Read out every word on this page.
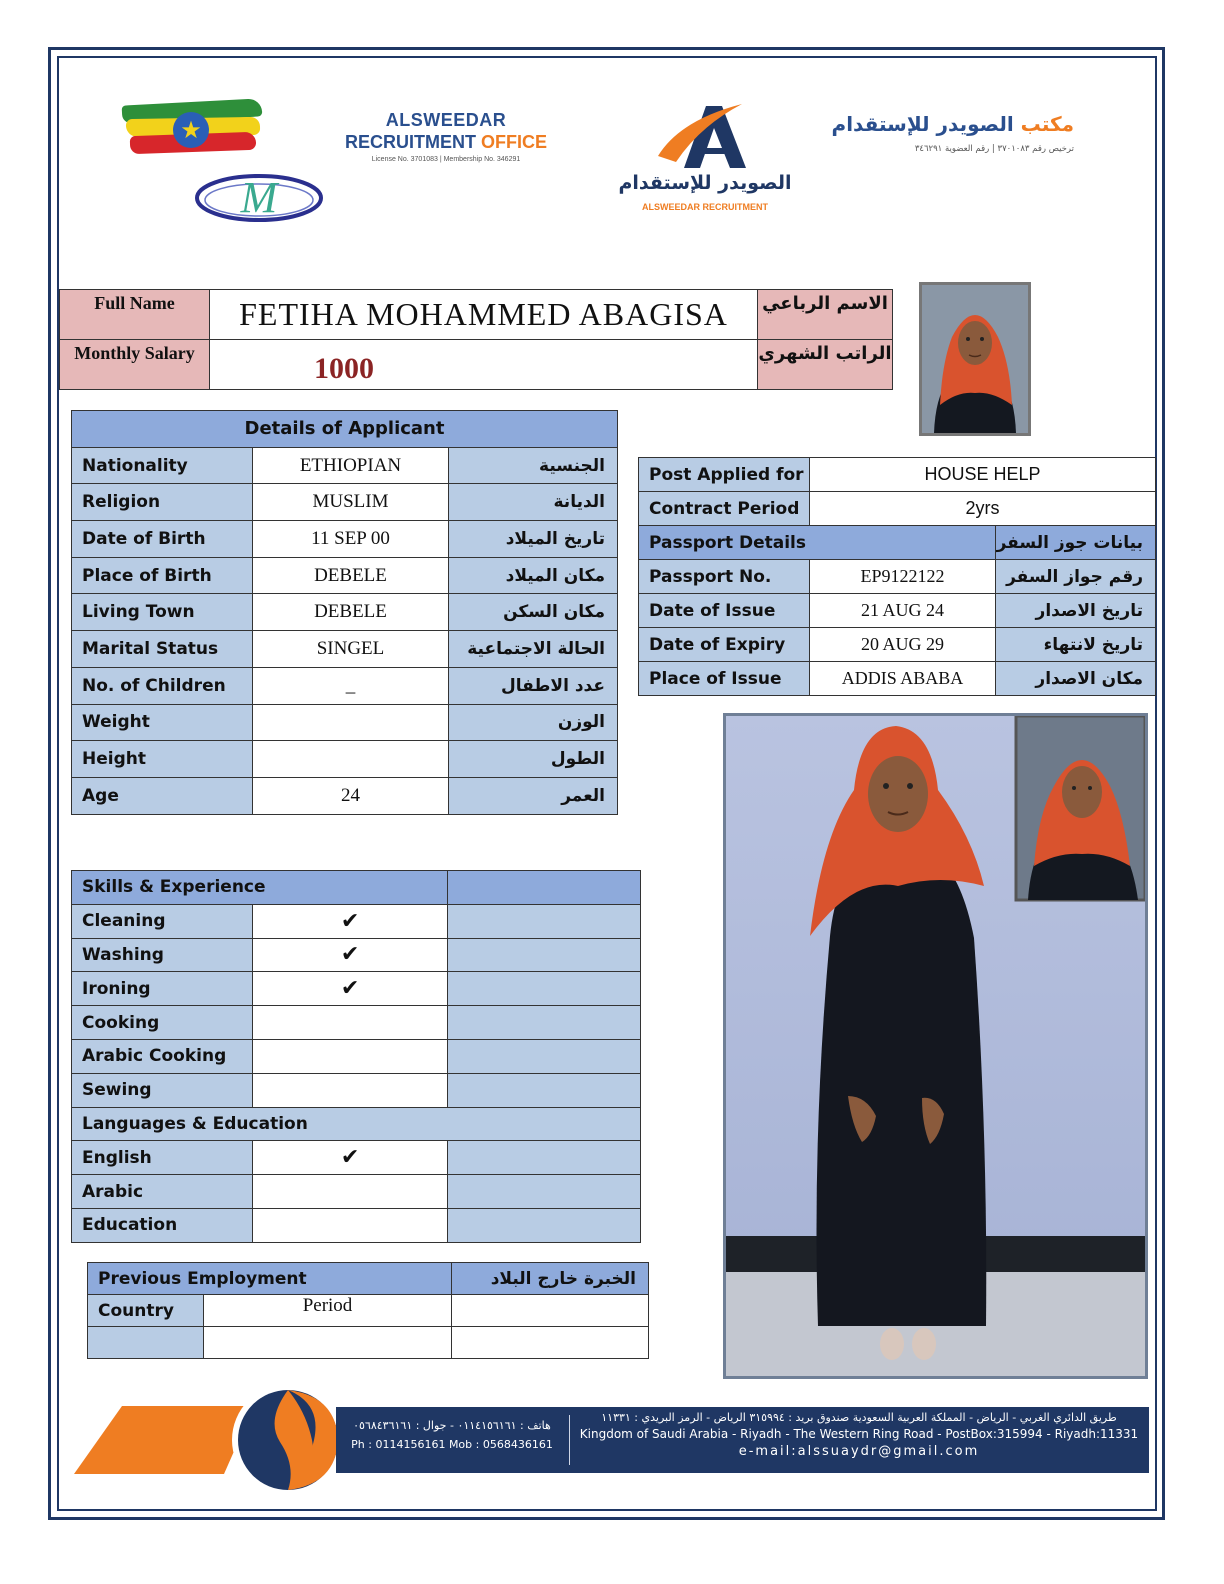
★
M
ALSWEEDAR
RECRUITMENT OFFICE
License No. 3701083 | Membership No. 346291
الصويدر للإستقدام
ALSWEEDAR RECRUITMENT
مكتب الصويدر للإستقدام
ترخيص رقم ٣٧٠١٠٨٣ | رقم العضوية ٣٤٦٢٩١
Full Name	FETIHA MOHAMMED ABAGISA	الاسم الرباعي
Monthly Salary	1000	الراتب الشهري
Details of Applicant		
Nationality	ETHIOPIAN	الجنسية
Religion	MUSLIM	الديانة
Date of Birth	11 SEP 00	تاريخ الميلاد
Place of Birth	DEBELE	مكان الميلاد
Living Town	DEBELE	مكان السكن
Marital Status	SINGEL	الحالة الاجتماعية
No. of Children	_	عدد الاطفال
Weight		الوزن
Height		الطول
Age	24	العمر
Post Applied for	HOUSE HELP	
Contract Period	2yrs	
Passport Details		بيانات جوز السفر
Passport No.	EP9122122	رقم جواز السفر
Date of Issue	21 AUG 24	تاريخ الاصدار
Date of Expiry	20 AUG 29	تاريخ لانتهاء
Place of Issue	ADDIS ABABA	مكان الاصدار
Skills & Experience		
Cleaning	✔	
Washing	✔	
Ironing	✔	
Cooking		
Arabic Cooking		
Sewing		
Languages & Education		
English	✔	
Arabic		
Education		
Previous Employment		الخبرة خارج البلاد
Country	Period	

هاتف : ٠١١٤١٥٦١٦١ - جوال : ٠٥٦٨٤٣٦١٦١
Ph : 0114156161 Mob : 0568436161
طريق الدائري الغربي - الرياض - المملكة العربية السعودية صندوق بريد : ٣١٥٩٩٤ الرياض - الرمز البريدي : ١١٣٣١
Kingdom of Saudi Arabia - Riyadh - The Western Ring Road - PostBox:315994 - Riyadh:11331
e-mail:alssuaydr@gmail.com
